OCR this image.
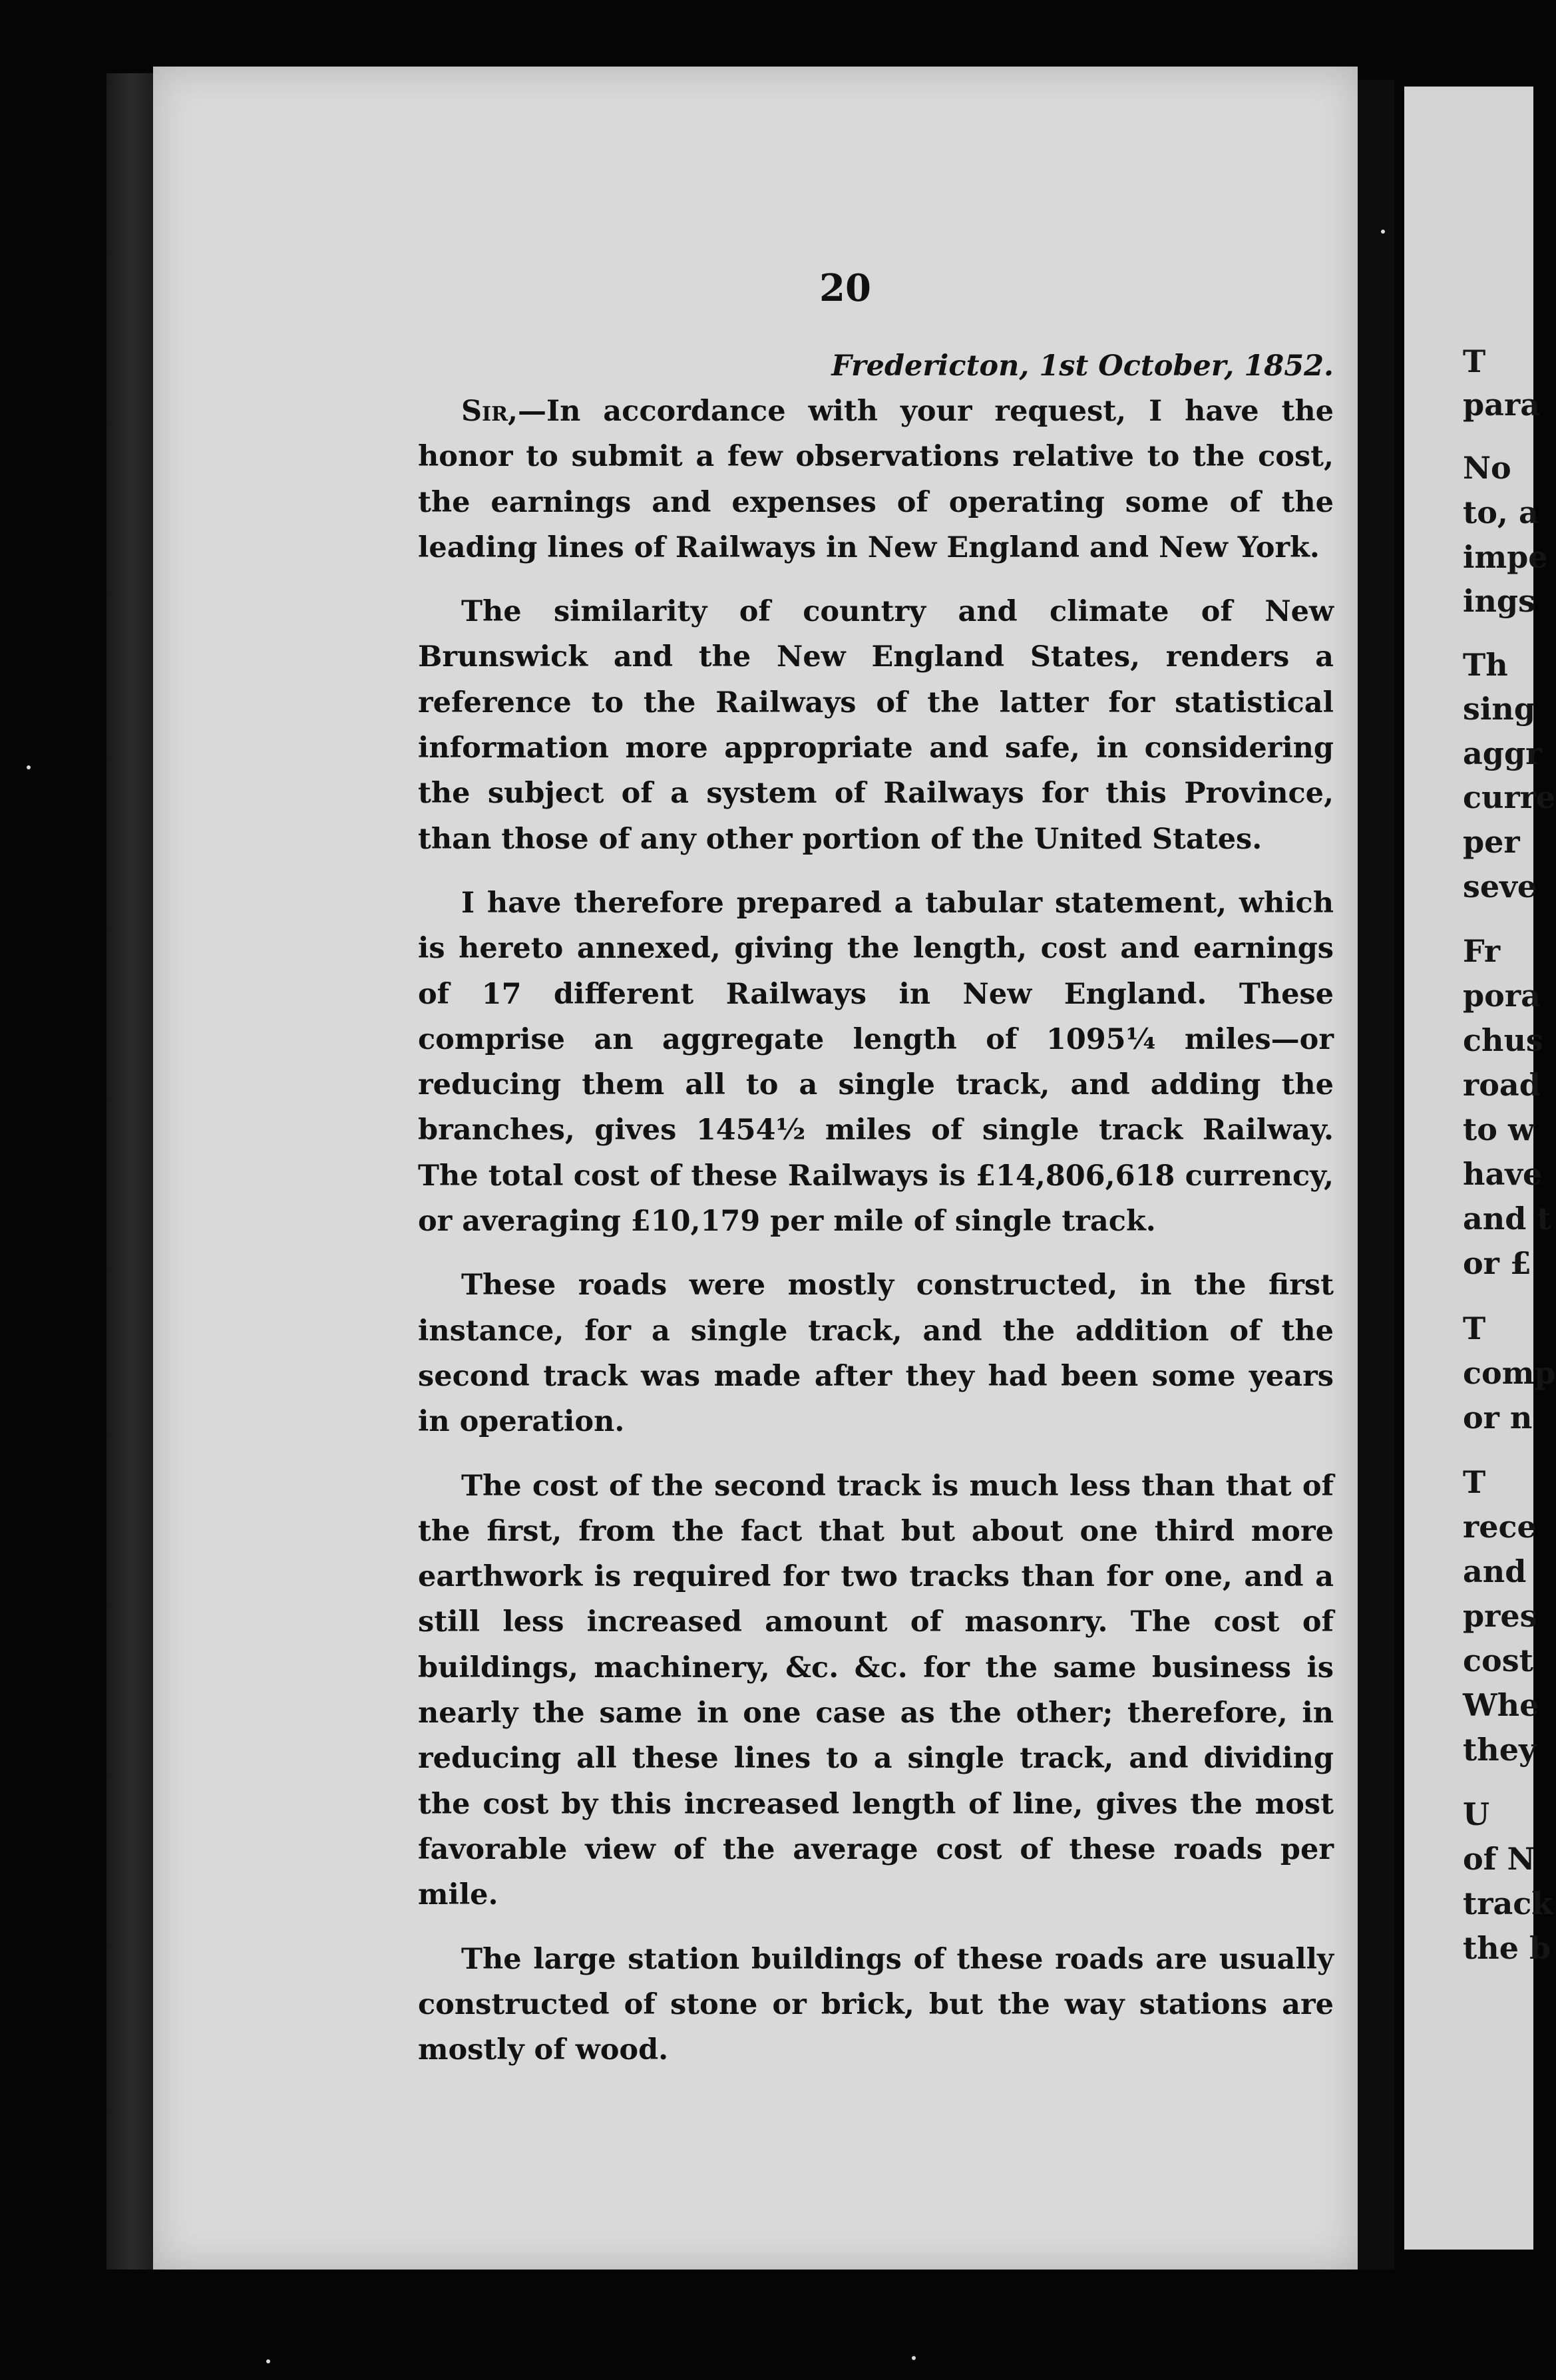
T
para
No
to, a
impe
ings
Th
sing
aggr
curre
per
seve
Fr
pora
chus
road
to w
have
and t
or £
T
comp
or n
T
rece
and
pres
cost
Whe
they
U
of N
track
the b
20

Fredericton, 1st October, 1852.

Sir,—In accordance with your request, I have the honor to submit a few observations relative to the cost, the earnings and expenses of operating some of the leading lines of Railways in New England and New York.

The similarity of country and climate of New Brunswick and the New England States, renders a reference to the Railways of the latter for statistical information more appropriate and safe, in considering the subject of a system of Railways for this Province, than those of any other portion of the United States.

I have therefore prepared a tabular statement, which is hereto annexed, giving the length, cost and earnings of 17 different Railways in New England. These comprise an aggregate length of 1095¼ miles—or reducing them all to a single track, and adding the branches, gives 1454½ miles of single track Railway. The total cost of these Railways is £14,806,618 currency, or averaging £10,179 per mile of single track.

These roads were mostly constructed, in the first instance, for a single track, and the addition of the second track was made after they had been some years in operation.

The cost of the second track is much less than that of the first, from the fact that but about one third more earthwork is required for two tracks than for one, and a still less increased amount of masonry. The cost of buildings, machinery, &c. &c. for the same business is nearly the same in one case as the other; therefore, in reducing all these lines to a single track, and dividing the cost by this increased length of line, gives the most favorable view of the average cost of these roads per mile.

The large station buildings of these roads are usually constructed of stone or brick, but the way stations are mostly of wood.
